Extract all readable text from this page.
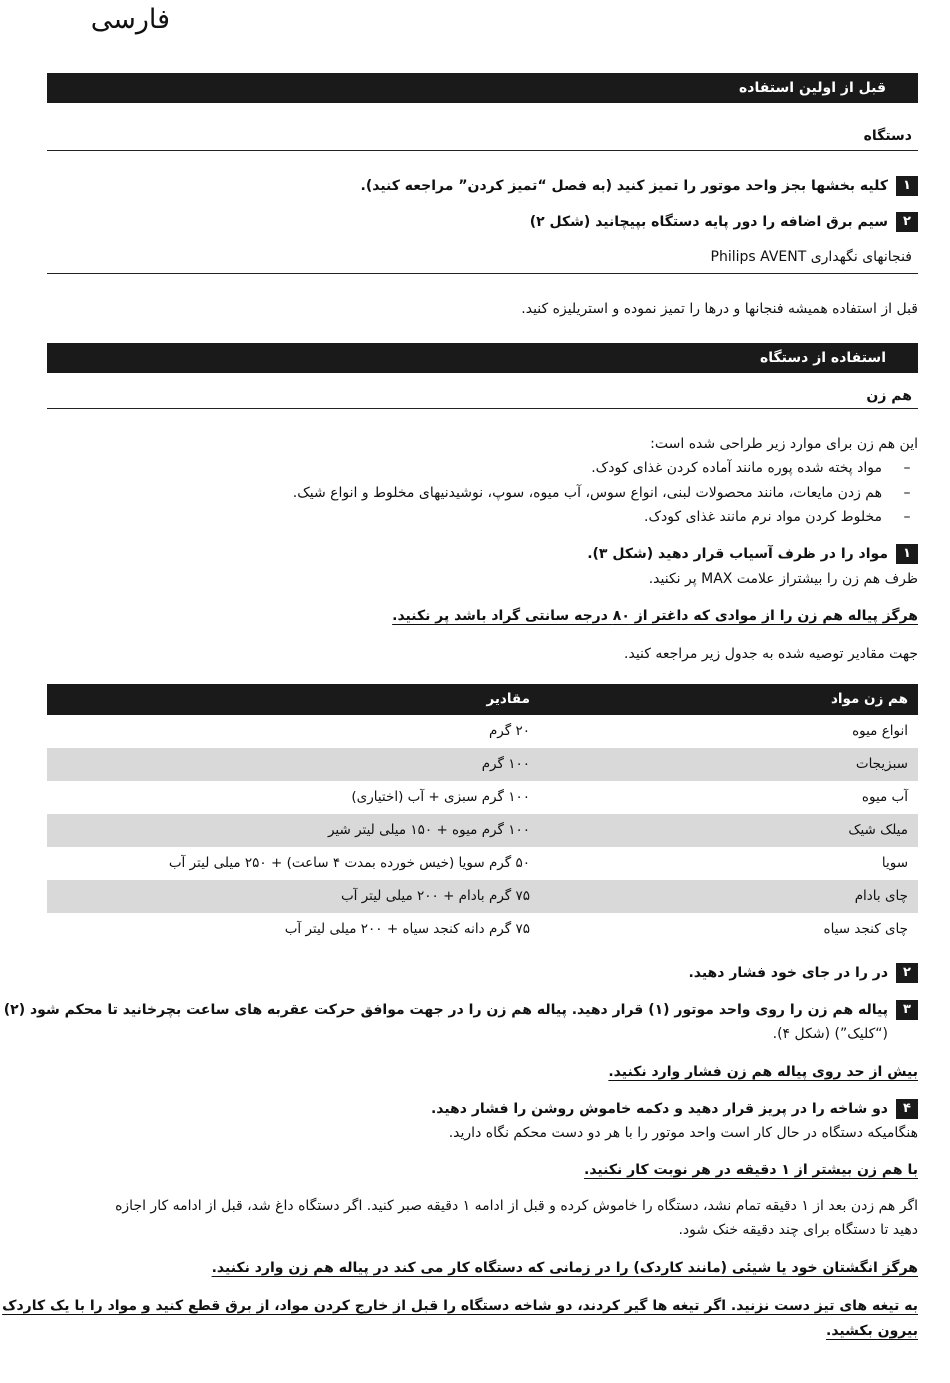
فارسی
قبل از اولین استفاده
دستگاه
۱کلیه بخشها بجز واحد موتور را تمیز کنید (به فصل “تمیز کردن” مراجعه کنید).
۲سیم برق اضافه را دور پایه دستگاه بپیچانید (شکل ۲)
فنجانهای نگهداری Philips AVENT
قبل از استفاده همیشه فنجانها و درها را تمیز نموده و استریلیزه کنید.
استفاده از دستگاه
هم زن
این هم زن برای موارد زیر طراحی شده است:
–مواد پخته شده پوره مانند آماده کردن غذای کودک.
–هم زدن مایعات، مانند محصولات لبنی، انواع سوس، آب میوه، سوپ، نوشیدنیهای مخلوط و انواع شیک.
–مخلوط کردن مواد نرم مانند غذای کودک.
۱مواد را در ظرف آسیاب قرار دهید (شکل ۳).
ظرف هم زن را بیشتراز علامت MAX پر نکنید.
هرگز پیاله هم زن را از موادی که داغتر از ۸۰ درجه سانتی گراد باشد پر نکنید.
جهت مقادیر توصیه شده به جدول زیر مراجعه کنید.
هم زن مواد
مقادیر
انواع میوه
۲۰ گرم
سبزیجات
۱۰۰ گرم
آب میوه
۱۰۰ گرم سبزی + آب (اختیاری)
میلک شیک
۱۰۰ گرم میوه + ۱۵۰ میلی لیتر شیر
سویا
۵۰ گرم سویا (خیس خورده بمدت ۴ ساعت) + ۲۵۰ میلی لیتر آب
چای بادام
۷۵ گرم بادام + ۲۰۰ میلی لیتر آب
چای کنجد سیاه
۷۵ گرم دانه کنجد سیاه + ۲۰۰ میلی لیتر آب
۲در را در جای خود فشار دهید.
۳پیاله هم زن را روی واحد موتور (۱) قرار دهید. پیاله هم زن را در جهت موافق حرکت عقربه های ساعت بچرخانید تا محکم شود (۲)
(“کلیک”) (شکل ۴).
بیش از حد روی پیاله هم زن فشار وارد نکنید.
۴دو شاخه را در پریز قرار دهید و دکمه خاموش روشن را فشار دهید.
هنگامیکه دستگاه در حال کار است واحد موتور را با هر دو دست محکم نگاه دارید.
با هم زن بیشتر از ۱ دقیقه در هر نوبت کار نکنید.
اگر هم زدن بعد از ۱ دقیقه تمام نشد، دستگاه را خاموش کرده و قبل از ادامه ۱ دقیقه صبر کنید. اگر دستگاه داغ شد، قبل از ادامه کار اجازه
دهید تا دستگاه برای چند دقیقه خنک شود.
هرگز انگشتان خود یا شیئی (مانند کاردک) را در زمانی که دستگاه کار می کند در پیاله هم زن وارد نکنید.
به تیغه های تیز دست نزنید. اگر تیغه ها گیر کردند، دو شاخه دستگاه را قبل از خارج کردن مواد، از برق قطع کنید و مواد را با یک کاردک
بیرون بکشید.
